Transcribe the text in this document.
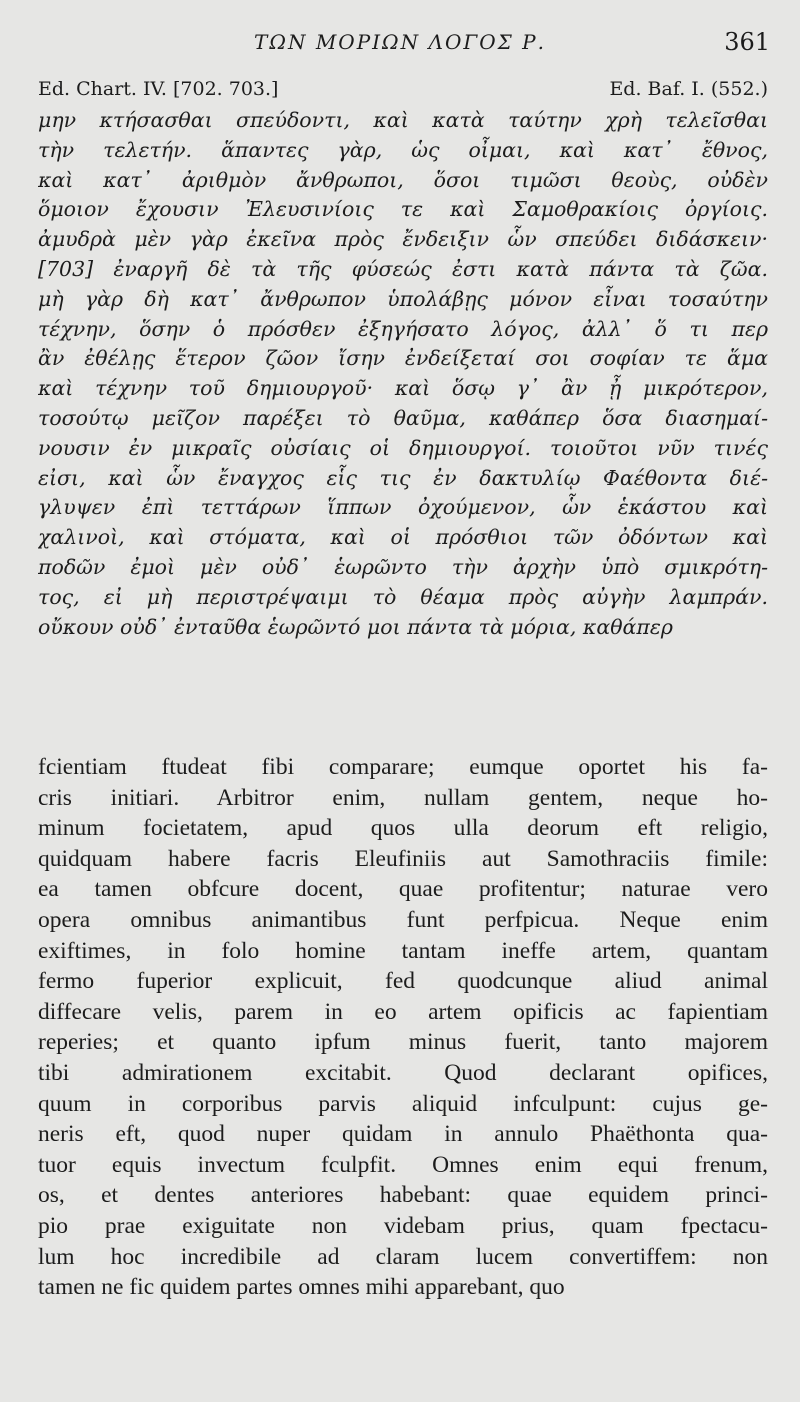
ΤΩΝ ΜΟΡΙΩΝ ΛΟΓΟΣ Ρ.	361
Ed. Chart. IV. [702. 703.]	Ed. Baf. I. (552.)
μην κτήσασθαι σπεύδοντι, καὶ κατὰ ταύτην χρὴ τελεῖσθαι
τὴν τελετήν. ἅπαντες γὰρ, ὡς οἶμαι, καὶ κατ᾽ ἔθνος,
καὶ κατ᾽ ἀριθμὸν ἄνθρωποι, ὅσοι τιμῶσι θεοὺς, οὐδὲν
ὅμοιον ἔχουσιν Ἐλευσινίοις τε καὶ Σαμοθρακίοις ὀργίοις.
ἀμυδρὰ μὲν γὰρ ἐκεῖνα πρὸς ἔνδειξιν ὧν σπεύδει διδάσκειν·
[703] ἐναργῆ δὲ τὰ τῆς φύσεώς ἐστι κατὰ πάντα τὰ ζῶα.
μὴ γὰρ δὴ κατ᾽ ἄνθρωπον ὑπολάβῃς μόνον εἶναι τοσαύτην
τέχνην, ὅσην ὁ πρόσθεν ἐξηγήσατο λόγος, ἀλλ᾽ ὅ τι περ
ἂν ἐθέλῃς ἕτερον ζῶον ἴσην ἐνδείξεταί σοι σοφίαν τε ἅμα
καὶ τέχνην τοῦ δημιουργοῦ· καὶ ὅσῳ γ᾽ ἂν ᾖ μικρότερον,
τοσούτῳ μεῖζον παρέξει τὸ θαῦμα, καθάπερ ὅσα διασημαί-
νουσιν ἐν μικραῖς οὐσίαις οἱ δημιουργοί. τοιοῦτοι νῦν τινές
εἰσι, καὶ ὧν ἔναγχος εἷς τις ἐν δακτυλίῳ Φαέθοντα διέ-
γλυψεν ἐπὶ τεττάρων ἵππων ὀχούμενον, ὧν ἑκάστου καὶ
χαλινοὶ, καὶ στόματα, καὶ οἱ πρόσθιοι τῶν ὀδόντων καὶ
ποδῶν ἐμοὶ μὲν οὐδ᾽ ἑωρῶντο τὴν ἀρχὴν ὑπὸ σμικρότη-
τος, εἰ μὴ περιστρέψαιμι τὸ θέαμα πρὸς αὐγὴν λαμπράν.
οὔκουν οὐδ᾽ ἐνταῦθα ἑωρῶντό μοι πάντα τὰ μόρια, καθάπερ
fcientiam ftudeat fibi comparare; eumque oportet his fa-
cris initiari. Arbitror enim, nullam gentem, neque ho-
minum focietatem, apud quos ulla deorum eft religio,
quidquam habere facris Eleufiniis aut Samothraciis fimile:
ea tamen obfcure docent, quae profitentur; naturae vero
opera omnibus animantibus funt perfpicua. Neque enim
exiftimes, in folo homine tantam ineffe artem, quantam
fermo fuperior explicuit, fed quodcunque aliud animal
diffecare velis, parem in eo artem opificis ac fapientiam
reperies; et quanto ipfum minus fuerit, tanto majorem
tibi admirationem excitabit. Quod declarant opifices,
quum in corporibus parvis aliquid infculpunt: cujus ge-
neris eft, quod nuper quidam in annulo Phaëthonta qua-
tuor equis invectum fculpfit. Omnes enim equi frenum,
os, et dentes anteriores habebant: quae equidem princi-
pio prae exiguitate non videbam prius, quam fpectacu-
lum hoc incredibile ad claram lucem convertiffem: non
tamen ne fic quidem partes omnes mihi apparebant, quo
